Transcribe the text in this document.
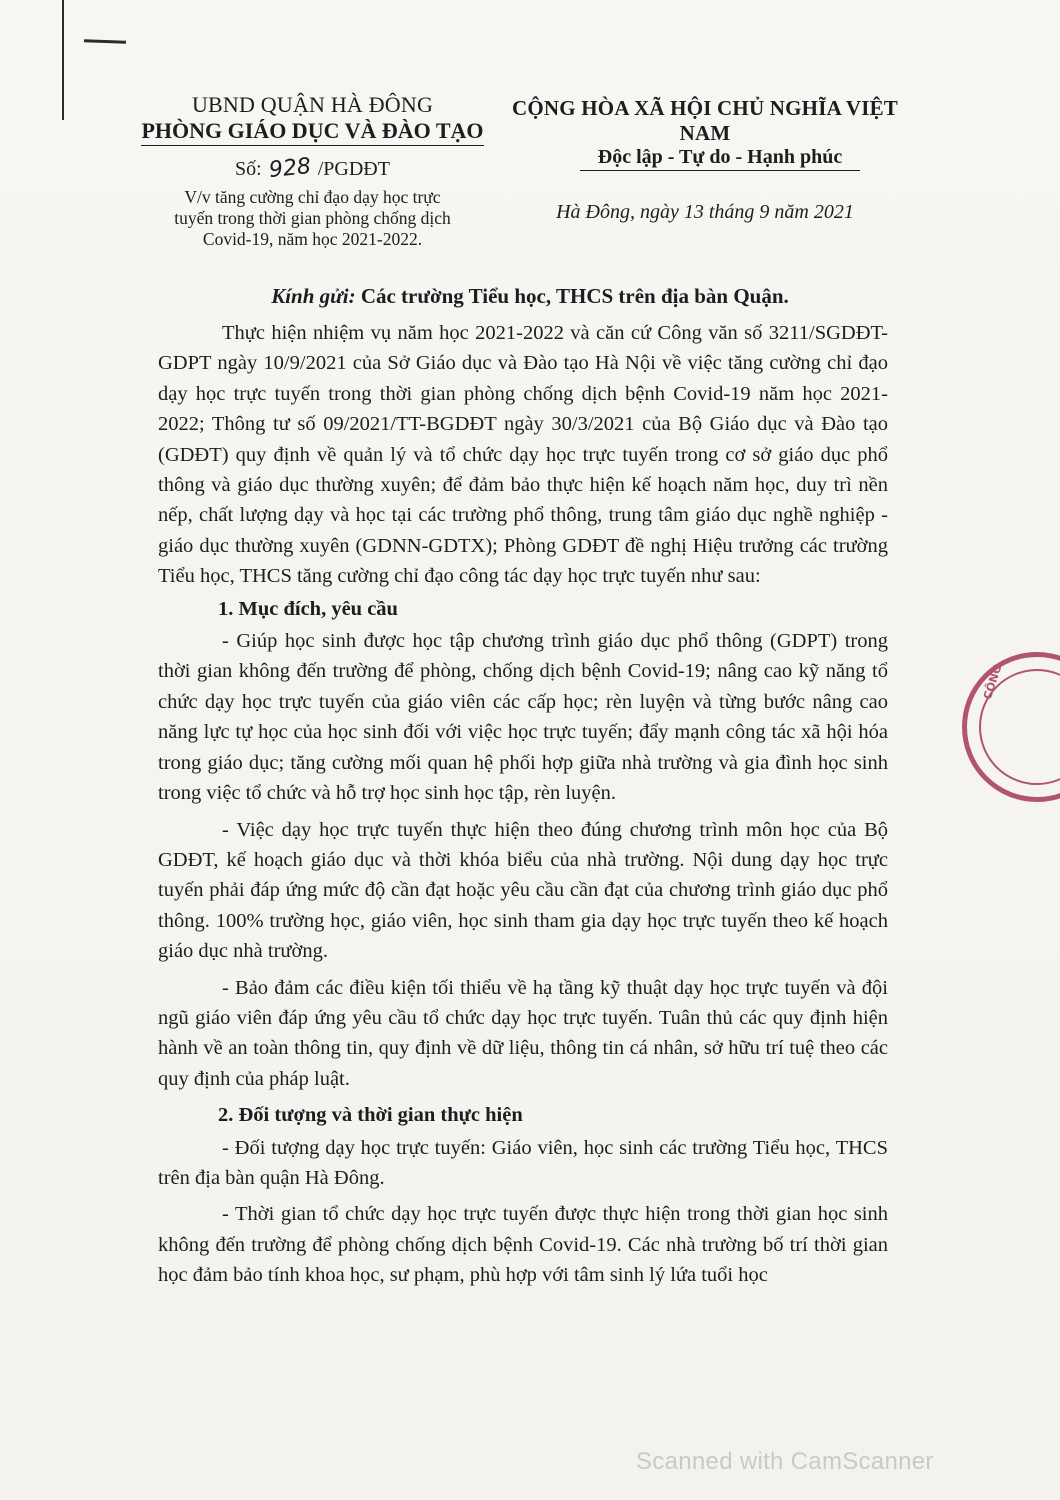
UBND QUẬN HÀ ĐÔNG
PHÒNG GIÁO DỤC VÀ ĐÀO TẠO
Số: 928 /PGDĐT
V/v tăng cường chỉ đạo dạy học trực
tuyến trong thời gian phòng chống dịch
Covid-19, năm học 2021-2022.
CỘNG HÒA XÃ HỘI CHỦ NGHĨA VIỆT NAM
Độc lập - Tự do - Hạnh phúc
Hà Đông, ngày 13 tháng 9 năm 2021
Kính gửi: Các trường Tiểu học, THCS trên địa bàn Quận.

Thực hiện nhiệm vụ năm học 2021-2022 và căn cứ Công văn số 3211/SGDĐT-GDPT ngày 10/9/2021 của Sở Giáo dục và Đào tạo Hà Nội về việc tăng cường chỉ đạo dạy học trực tuyến trong thời gian phòng chống dịch bệnh Covid-19 năm học 2021-2022; Thông tư số 09/2021/TT-BGDĐT ngày 30/3/2021 của Bộ Giáo dục và Đào tạo (GDĐT) quy định về quản lý và tổ chức dạy học trực tuyến trong cơ sở giáo dục phổ thông và giáo dục thường xuyên; để đảm bảo thực hiện kế hoạch năm học, duy trì nền nếp, chất lượng dạy và học tại các trường phổ thông, trung tâm giáo dục nghề nghiệp - giáo dục thường xuyên (GDNN-GDTX); Phòng GDĐT đề nghị Hiệu trưởng các trường Tiểu học, THCS tăng cường chỉ đạo công tác dạy học trực tuyến như sau:

1. Mục đích, yêu cầu

- Giúp học sinh được học tập chương trình giáo dục phổ thông (GDPT) trong thời gian không đến trường để phòng, chống dịch bệnh Covid-19; nâng cao kỹ năng tổ chức dạy học trực tuyến của giáo viên các cấp học; rèn luyện và từng bước nâng cao năng lực tự học của học sinh đối với việc học trực tuyến; đẩy mạnh công tác xã hội hóa trong giáo dục; tăng cường mối quan hệ phối hợp giữa nhà trường và gia đình học sinh trong việc tổ chức và hỗ trợ học sinh học tập, rèn luyện.

- Việc dạy học trực tuyến thực hiện theo đúng chương trình môn học của Bộ GDĐT, kế hoạch giáo dục và thời khóa biểu của nhà trường. Nội dung dạy học trực tuyến phải đáp ứng mức độ cần đạt hoặc yêu cầu cần đạt của chương trình giáo dục phổ thông. 100% trường học, giáo viên, học sinh tham gia dạy học trực tuyến theo kế hoạch giáo dục nhà trường.

- Bảo đảm các điều kiện tối thiểu về hạ tầng kỹ thuật dạy học trực tuyến và đội ngũ giáo viên đáp ứng yêu cầu tổ chức dạy học trực tuyến. Tuân thủ các quy định hiện hành về an toàn thông tin, quy định về dữ liệu, thông tin cá nhân, sở hữu trí tuệ theo các quy định của pháp luật.

2. Đối tượng và thời gian thực hiện

- Đối tượng dạy học trực tuyến: Giáo viên, học sinh các trường Tiểu học, THCS trên địa bàn quận Hà Đông.

- Thời gian tổ chức dạy học trực tuyến được thực hiện trong thời gian học sinh không đến trường để phòng chống dịch bệnh Covid-19. Các nhà trường bố trí thời gian học đảm bảo tính khoa học, sư phạm, phù hợp với tâm sinh lý lứa tuổi học

CÔNG
Scanned with CamScanner
